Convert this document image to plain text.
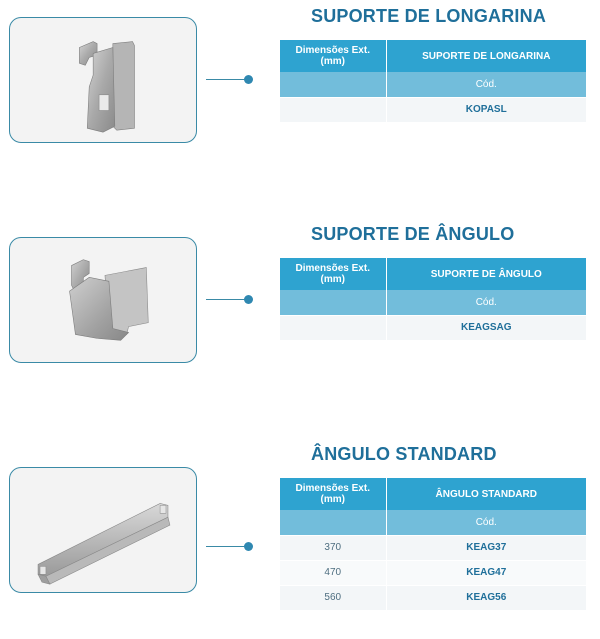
SUPORTE DE LONGARINA
Dimensões Ext. (mm)	SUPORTE DE LONGARINA
	Cód.
	KOPASL
SUPORTE DE ÂNGULO
Dimensões Ext. (mm)	SUPORTE DE ÂNGULO
	Cód.
	KEAGSAG
ÂNGULO STANDARD
Dimensões Ext. (mm)	ÂNGULO STANDARD
	Cód.
370	KEAG37
470	KEAG47
560	KEAG56
